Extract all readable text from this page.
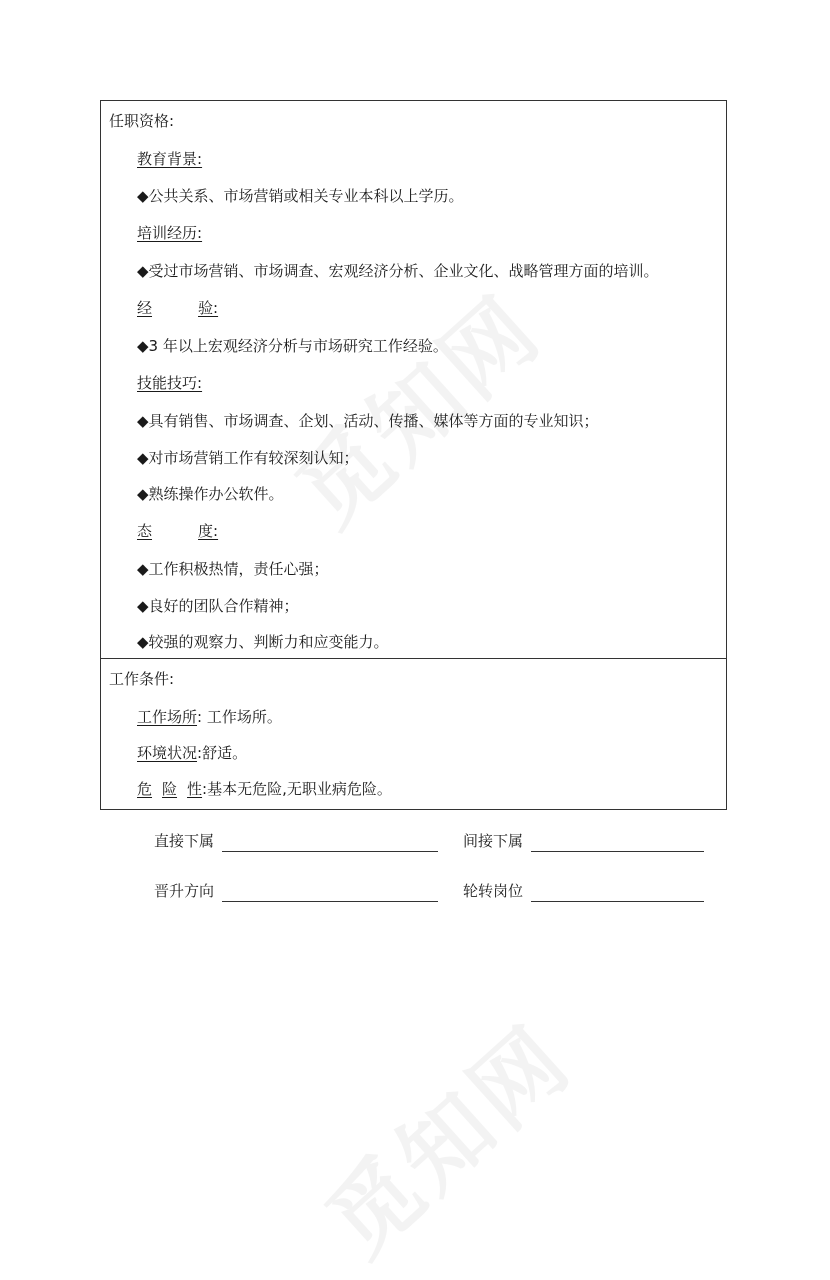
任职资格:
教育背景:
◆公共关系、市场营销或相关专业本科以上学历。
培训经历:
◆受过市场营销、市场调查、宏观经济分析、企业文化、战略管理方面的培训。
经	验:
◆3 年以上宏观经济分析与市场研究工作经验。
技能技巧:
◆具有销售、市场调查、企划、活动、传播、媒体等方面的专业知识；
◆对市场营销工作有较深刻认知；
◆熟练操作办公软件。
态	度:
◆工作积极热情，责任心强；
◆良好的团队合作精神；
◆较强的观察力、判断力和应变能力。
工作条件:
工作场所: 工作场所。
环境状况:舒适。
危 险 性:基本无危险,无职业病危险。
直接下属	间接下属
晋升方向	轮转岗位
